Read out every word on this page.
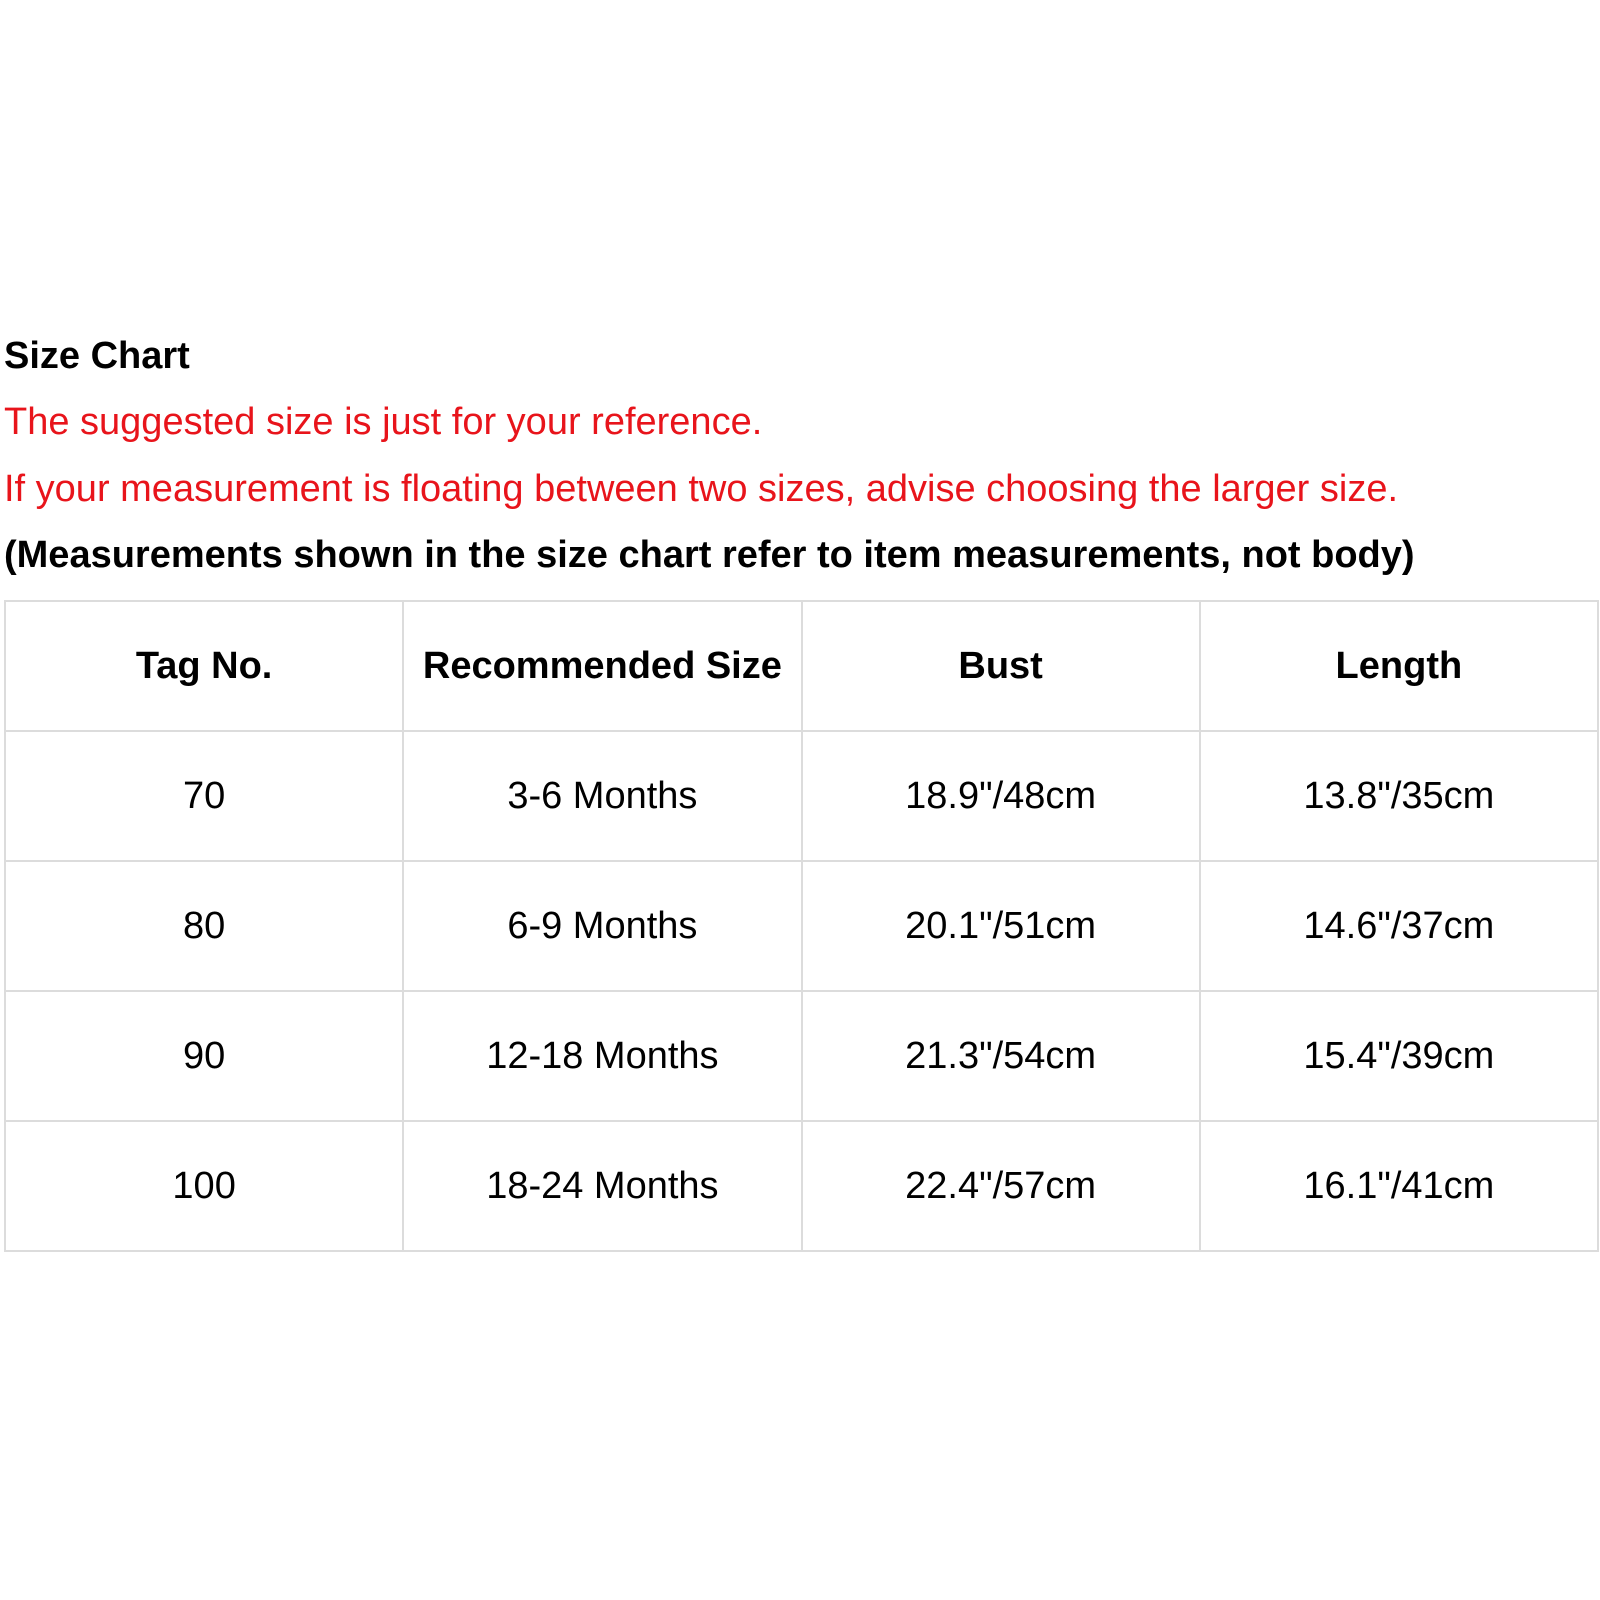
Size Chart
The suggested size is just for your reference.
If your measurement is floating between two sizes, advise choosing the larger size.
(Measurements shown in the size chart refer to item measurements, not body)
Tag No.	Recommended Size	Bust	Length
70	3-6 Months	18.9"/48cm	13.8"/35cm
80	6-9 Months	20.1"/51cm	14.6"/37cm
90	12-18 Months	21.3"/54cm	15.4"/39cm
100	18-24 Months	22.4"/57cm	16.1"/41cm
